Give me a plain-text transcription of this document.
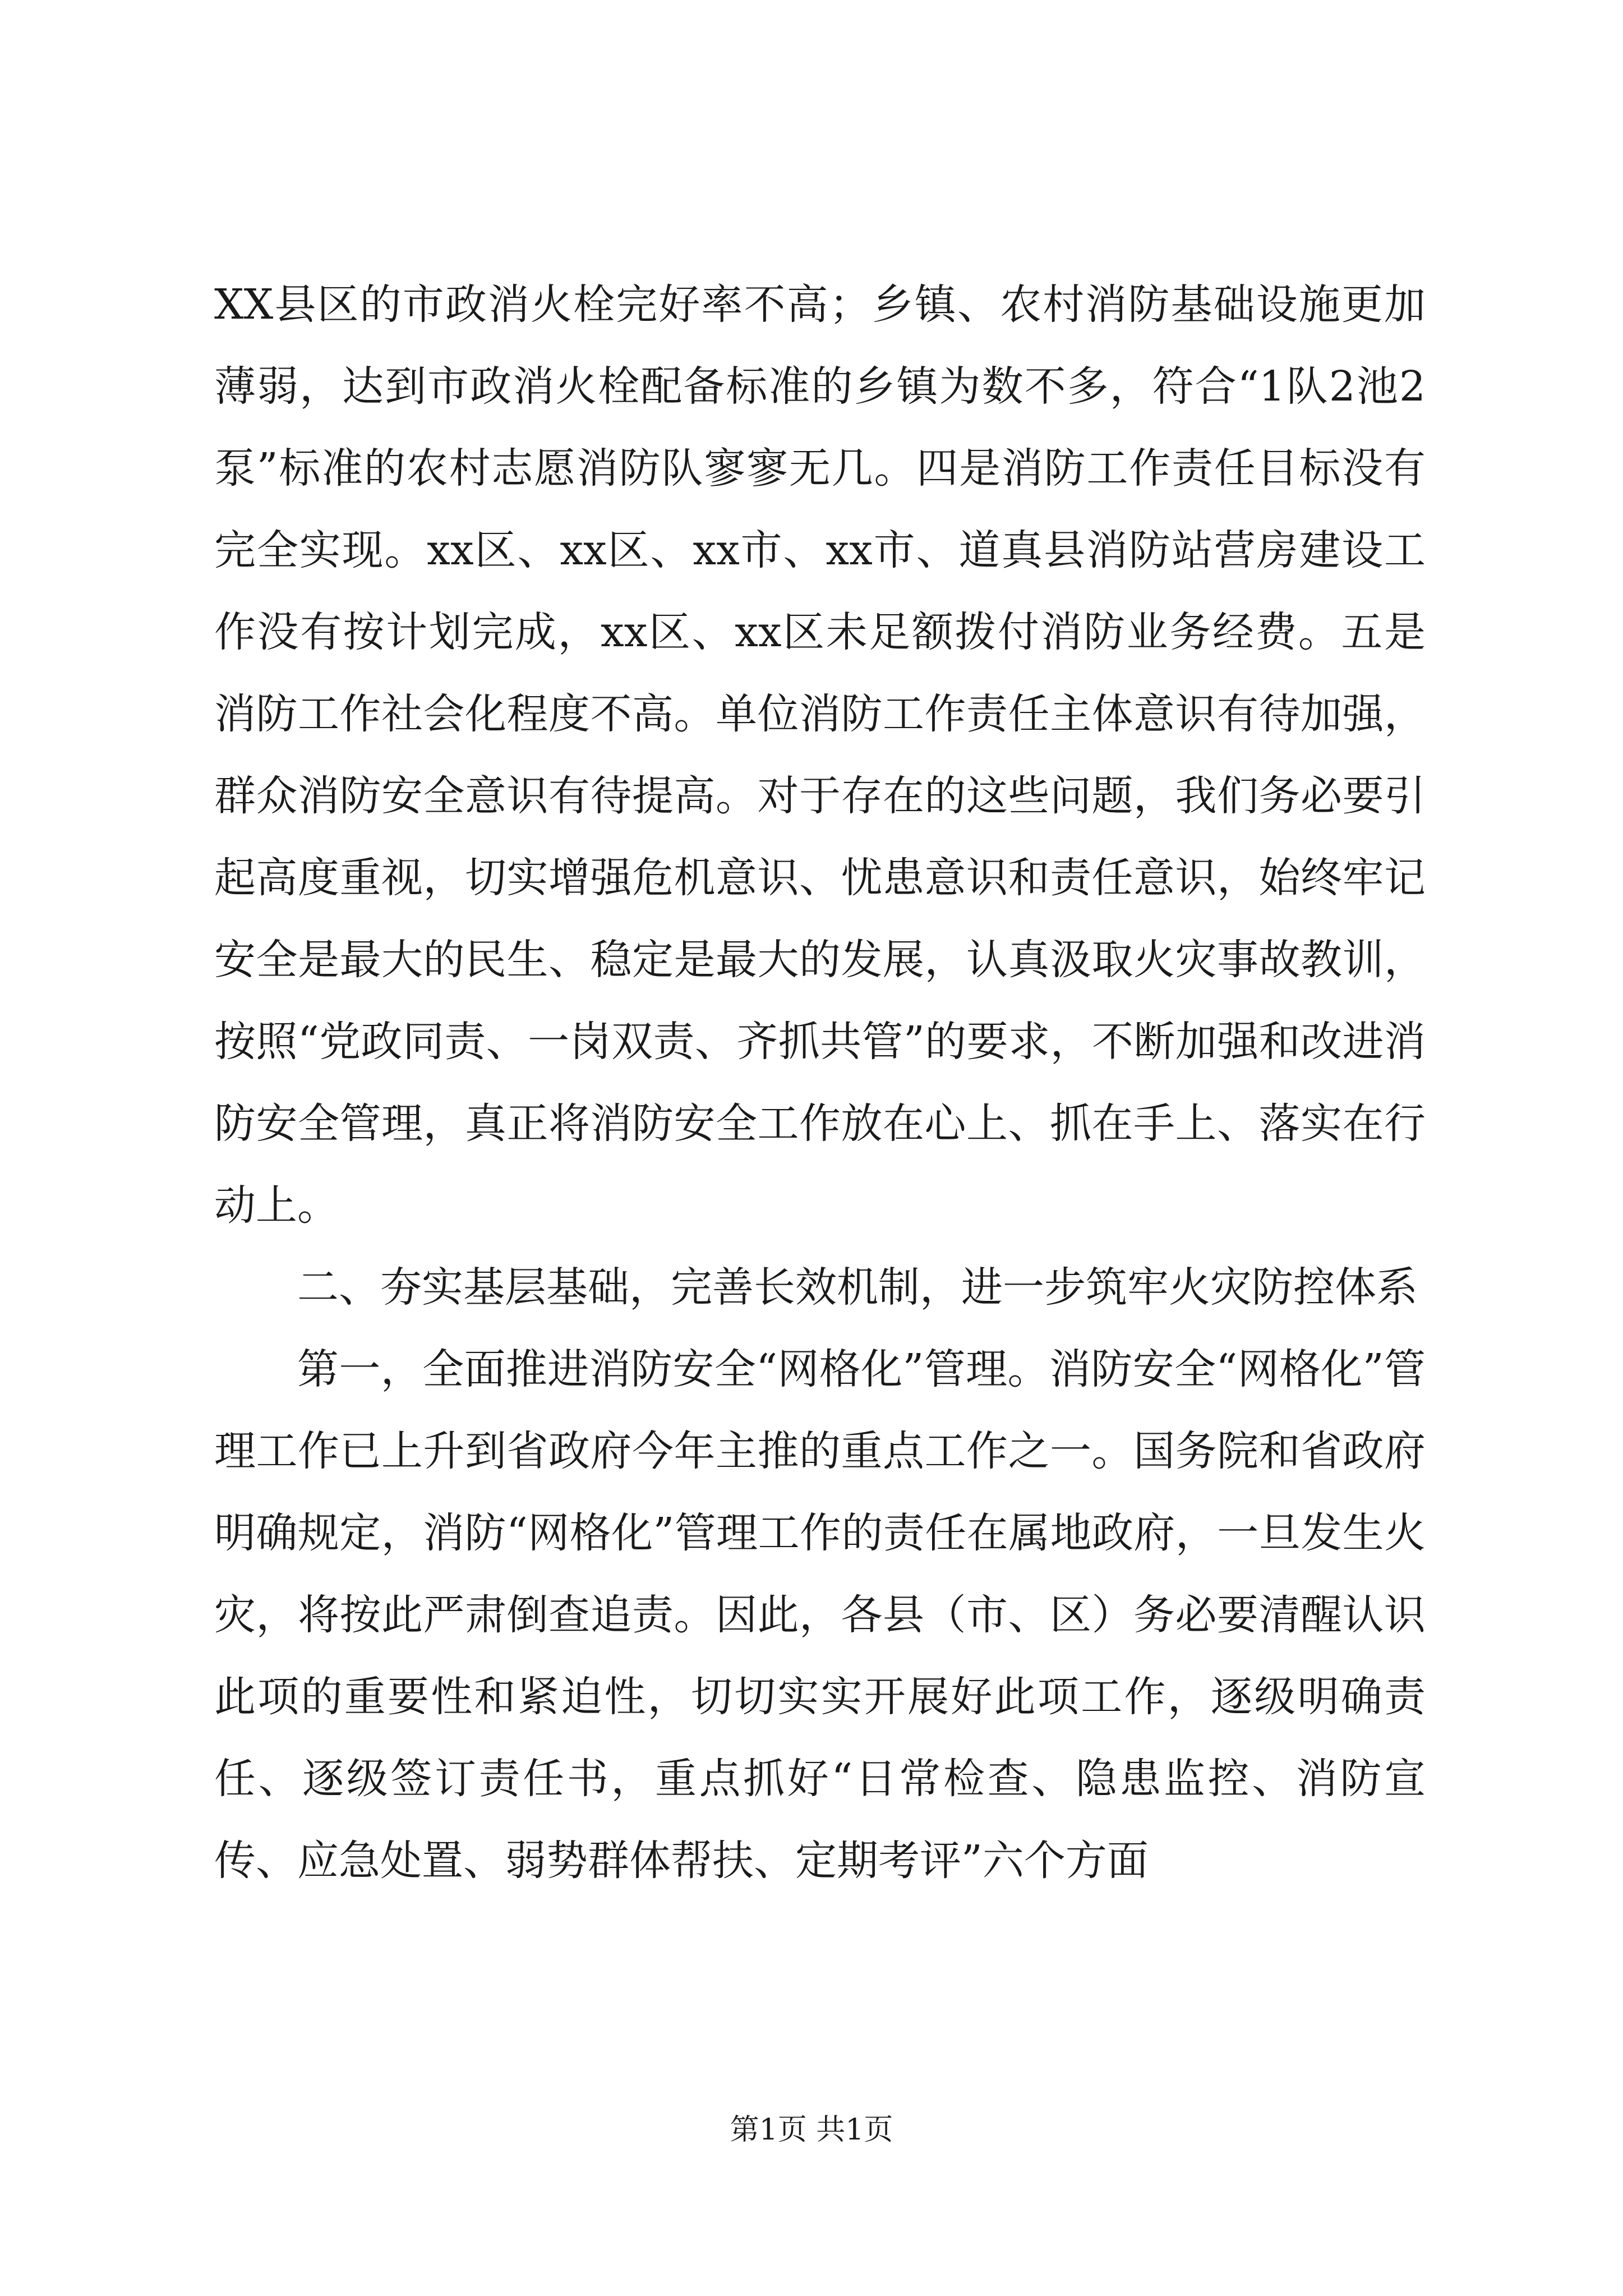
XX县区的市政消火栓完好率不高；乡镇、农村消防基础设施更加薄弱，达到市政消火栓配备标准的乡镇为数不多，符合“1队2池2泵”标准的农村志愿消防队寥寥无几。四是消防工作责任目标没有完全实现。xx区、xx区、xx市、xx市、道真县消防站营房建设工作没有按计划完成，xx区、xx区未足额拨付消防业务经费。五是消防工作社会化程度不高。单位消防工作责任主体意识有待加强，群众消防安全意识有待提高。对于存在的这些问题，我们务必要引起高度重视，切实增强危机意识、忧患意识和责任意识，始终牢记安全是最大的民生、稳定是最大的发展，认真汲取火灾事故教训，按照“党政同责、一岗双责、齐抓共管”的要求，不断加强和改进消防安全管理，真正将消防安全工作放在心上、抓在手上、落实在行动上。

二、夯实基层基础，完善长效机制，进一步筑牢火灾防控体系

第一，全面推进消防安全“网格化”管理。消防安全“网格化”管理工作已上升到省政府今年主推的重点工作之一。国务院和省政府明确规定，消防“网格化”管理工作的责任在属地政府，一旦发生火灾，将按此严肃倒查追责。因此，各县（市、区）务必要清醒认识此项的重要性和紧迫性，切切实实开展好此项工作，逐级明确责任、逐级签订责任书，重点抓好“日常检查、隐患监控、消防宣传、应急处置、弱势群体帮扶、定期考评”六个方面

第1页 共1页
